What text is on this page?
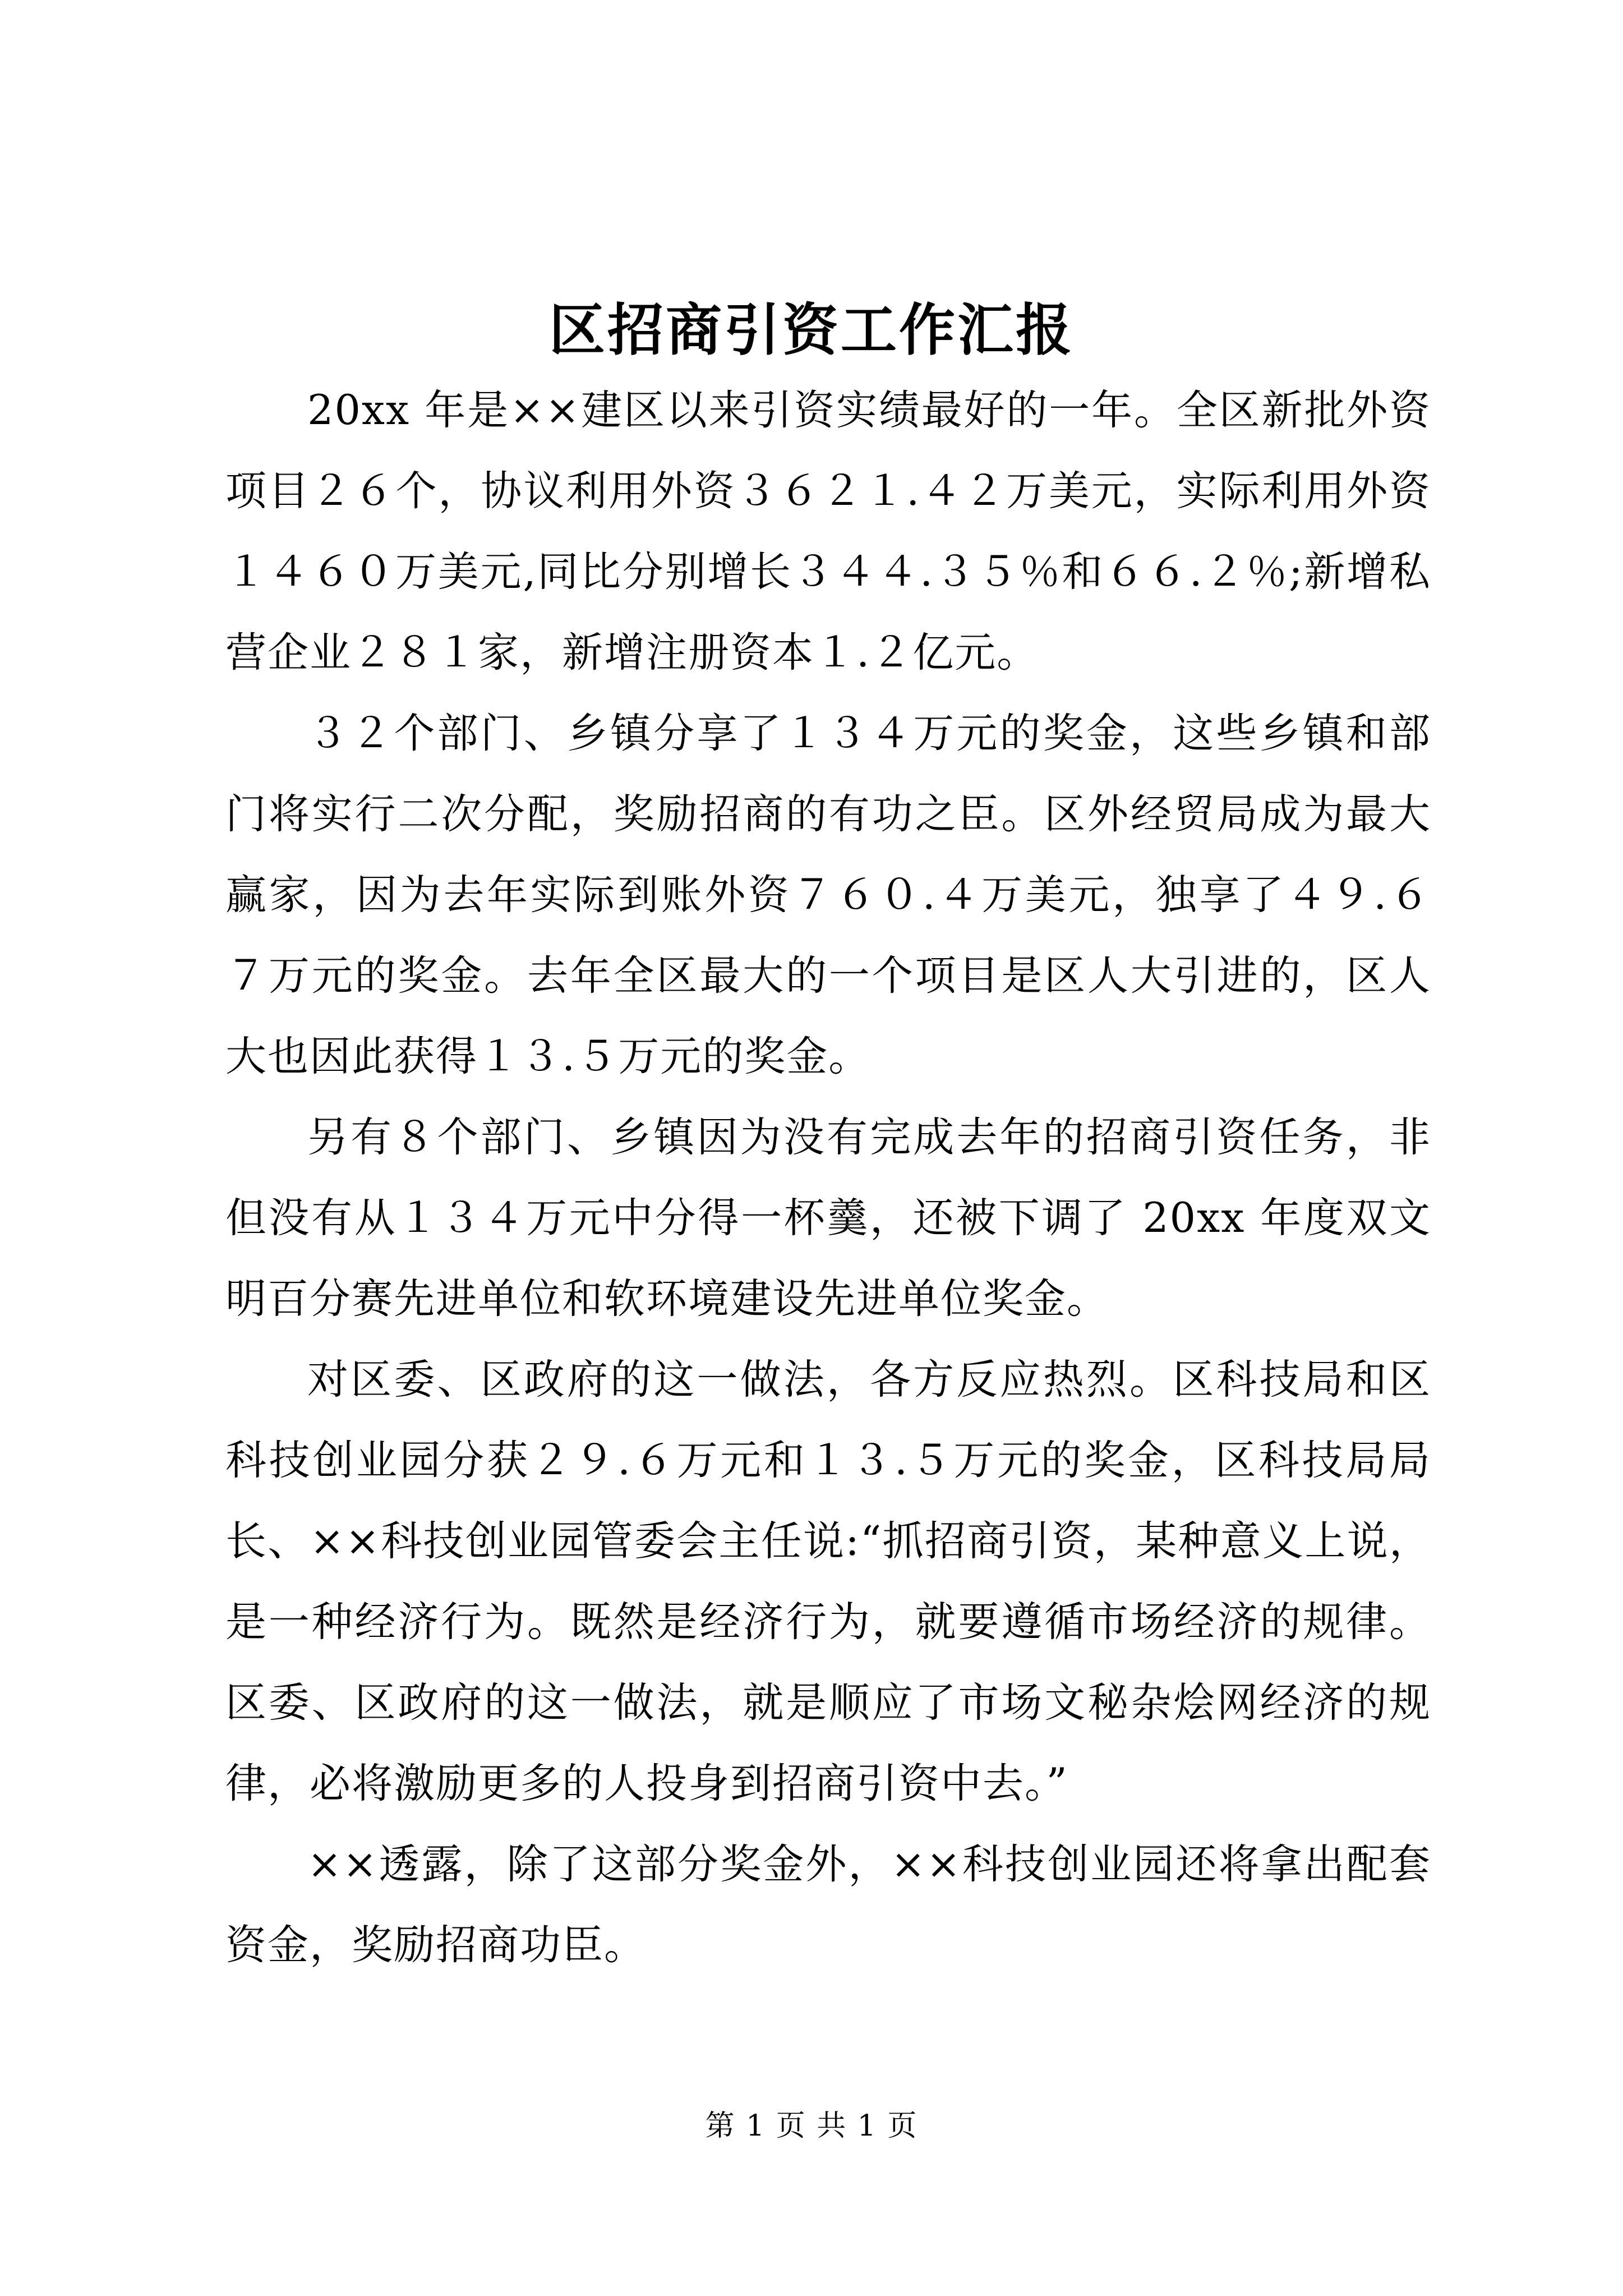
区招商引资工作汇报

20xx 年是××建区以来引资实绩最好的一年。全区新批外资项目２６个，协议利用外资３６２１.４２万美元，实际利用外资１４６０万美元,同比分别增长３４４.３５％和６６.２％;新增私营企业２８１家，新增注册资本１.２亿元。

３２个部门、乡镇分享了１３４万元的奖金，这些乡镇和部门将实行二次分配，奖励招商的有功之臣。区外经贸局成为最大赢家，因为去年实际到账外资７６０.４万美元，独享了４９.６７万元的奖金。去年全区最大的一个项目是区人大引进的，区人大也因此获得１３.５万元的奖金。

另有８个部门、乡镇因为没有完成去年的招商引资任务，非但没有从１３４万元中分得一杯羹，还被下调了 20xx 年度双文明百分赛先进单位和软环境建设先进单位奖金。

对区委、区政府的这一做法，各方反应热烈。区科技局和区科技创业园分获２９.６万元和１３.５万元的奖金，区科技局局长、××科技创业园管委会主任说:“抓招商引资，某种意义上说，是一种经济行为。既然是经济行为，就要遵循市场经济的规律。区委、区政府的这一做法，就是顺应了市场文秘杂烩网经济的规律，必将激励更多的人投身到招商引资中去。”

××透露，除了这部分奖金外，××科技创业园还将拿出配套资金，奖励招商功臣。

第 1 页 共 1 页
